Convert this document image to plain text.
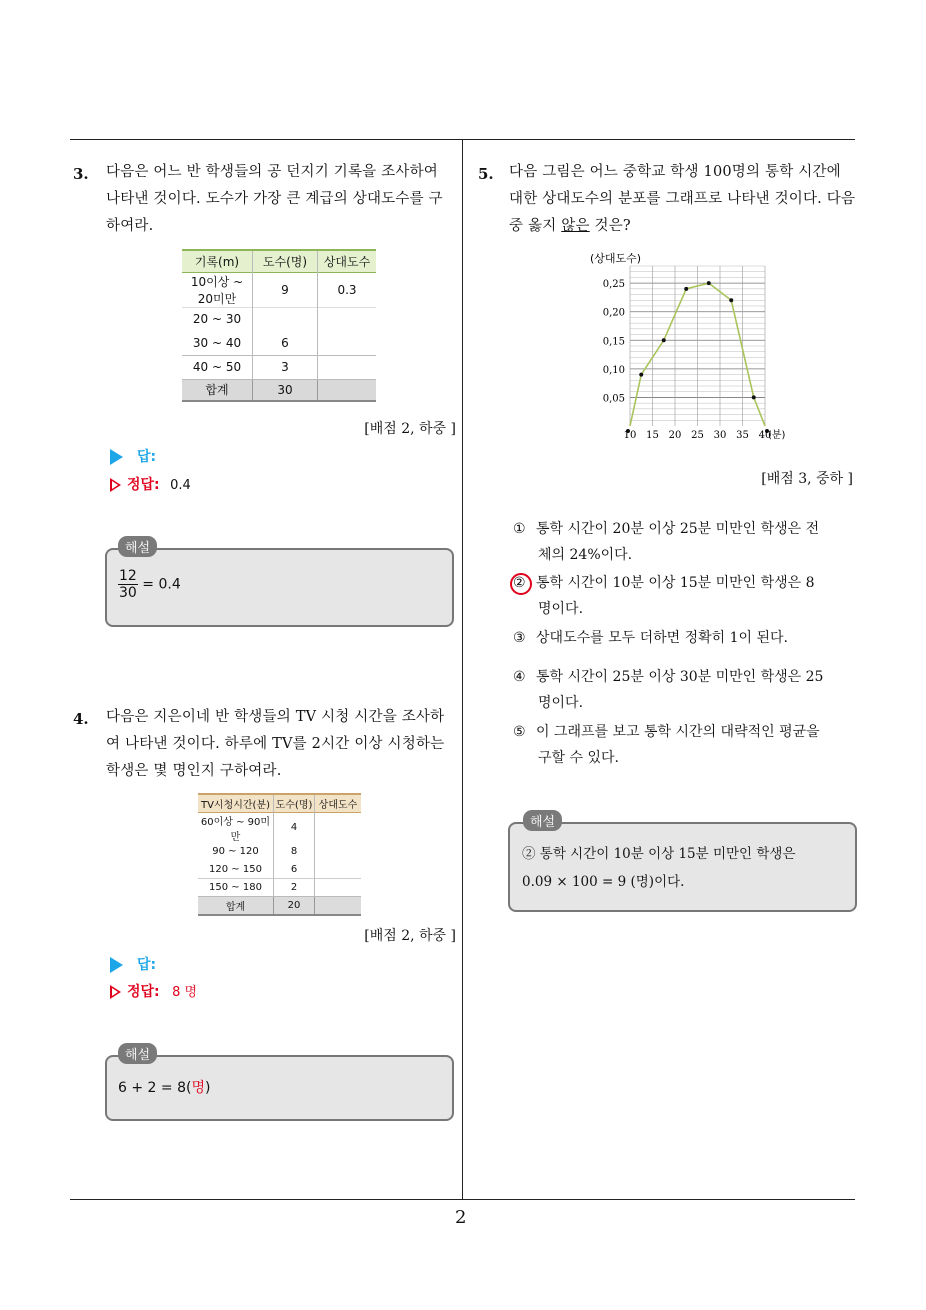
2
3. 다음은 어느 반 학생들의 공 던지기 기록을 조사하여
나타낸 것이다. 도수가 가장 큰 계급의 상대도수를 구
하여라.
기록(m)	도수(명)	상대도수
10이상 ~ 20미만	9	0.3
20 ~ 30		
30 ~ 40	6	
40 ~ 50	3	
합계	30	
[배점 2, 하중 ]
답:
정답: 0.4
해설
$\frac{12}{30} = 0.4$
4. 다음은 지은이네 반 학생들의 TV 시청 시간을 조사하
여 나타낸 것이다. 하루에 TV를 2시간 이상 시청하는
학생은 몇 명인지 구하여라.
TV시청시간(분)	도수(명)	상대도수
60이상 ~ 90미만	4	
90 ~ 120	8	
120 ~ 150	6	
150 ~ 180	2	
합계	20	
[배점 2, 하중 ]
답:
정답: 8 명
해설
6 + 2 = 8(명)
5. 다음 그림은 어느 중학교 학생 100명의 통학 시간에
대한 상대도수의 분포를 그래프로 나타낸 것이다. 다음
중 옳지 않은 것은?
0,05
0,10
0,15
0,20
0,25
10 15 20 25 30 35 40
(분)
(상대도수)
[배점 3, 중하 ]
① 통학 시간이 20분 이상 25분 미만인 학생은 전
체의 24%이다.
② 통학 시간이 10분 이상 15분 미만인 학생은 8
명이다.
③ 상대도수를 모두 더하면 정확히 1이 된다.
④ 통학 시간이 25분 이상 30분 미만인 학생은 25
명이다.
⑤ 이 그래프를 보고 통학 시간의 대략적인 평균을
구할 수 있다.
해설
② 통학 시간이 10분 이상 15분 미만인 학생은
0.09 × 100 = 9 (명)이다.
